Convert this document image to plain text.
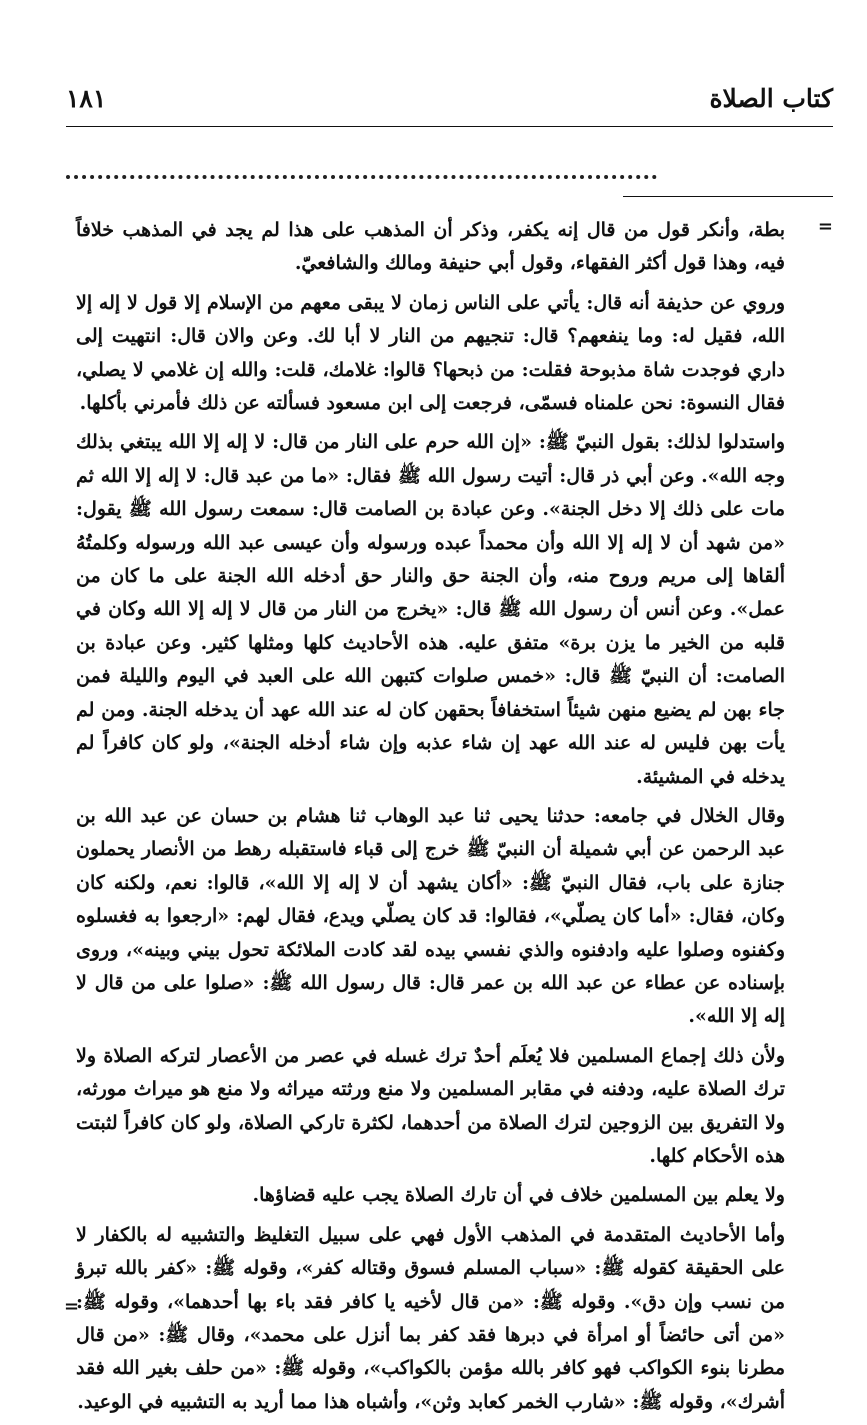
كتاب الصلاة
١٨١
=

بطة، وأنكر قول من قال إنه يكفر، وذكر أن المذهب على هذا لم يجد في المذهب خلافاً فيه، وهذا قول أكثر الفقهاء، وقول أبي حنيفة ومالك والشافعيّ.

وروي عن حذيفة أنه قال: يأتي على الناس زمان لا يبقى معهم من الإسلام إلا قول لا إله إلا الله، فقيل له: وما ينفعهم؟ قال: تنجيهم من النار لا أبا لك. وعن والان قال: انتهيت إلى داري فوجدت شاة مذبوحة فقلت: من ذبحها؟ قالوا: غلامك، قلت: والله إن غلامي لا يصلي، فقال النسوة: نحن علمناه فسمّى، فرجعت إلى ابن مسعود فسألته عن ذلك فأمرني بأكلها.

واستدلوا لذلك: بقول النبيّ ﷺ: «إن الله حرم على النار من قال: لا إله إلا الله يبتغي بذلك وجه الله». وعن أبي ذر قال: أتيت رسول الله ﷺ فقال: «ما من عبد قال: لا إله إلا الله ثم مات على ذلك إلا دخل الجنة». وعن عبادة بن الصامت قال: سمعت رسول الله ﷺ يقول: «من شهد أن لا إله إلا الله وأن محمداً عبده ورسوله وأن عيسى عبد الله ورسوله وكلمتُهُ ألقاها إلى مريم وروح منه، وأن الجنة حق والنار حق أدخله الله الجنة على ما كان من عمل». وعن أنس أن رسول الله ﷺ قال: «يخرج من النار من قال لا إله إلا الله وكان في قلبه من الخير ما يزن برة» متفق عليه. هذه الأحاديث كلها ومثلها كثير. وعن عبادة بن الصامت: أن النبيّ ﷺ قال: «خمس صلوات كتبهن الله على العبد في اليوم والليلة فمن جاء بهن لم يضيع منهن شيئاً استخفافاً بحقهن كان له عند الله عهد أن يدخله الجنة. ومن لم يأت بهن فليس له عند الله عهد إن شاء عذبه وإن شاء أدخله الجنة»، ولو كان كافراً لم يدخله في المشيئة.

وقال الخلال في جامعه: حدثنا يحيى ثنا عبد الوهاب ثنا هشام بن حسان عن عبد الله بن عبد الرحمن عن أبي شميلة أن النبيّ ﷺ خرج إلى قباء فاستقبله رهط من الأنصار يحملون جنازة على باب، فقال النبيّ ﷺ: «أكان يشهد أن لا إله إلا الله»، قالوا: نعم، ولكنه كان وكان، فقال: «أما كان يصلّي»، فقالوا: قد كان يصلّي ويدع، فقال لهم: «ارجعوا به فغسلوه وكفنوه وصلوا عليه وادفنوه والذي نفسي بيده لقد كادت الملائكة تحول بيني وبينه»، وروى بإسناده عن عطاء عن عبد الله بن عمر قال: قال رسول الله ﷺ: «صلوا على من قال لا إله إلا الله».

ولأن ذلك إجماع المسلمين فلا يُعلَم أحدٌ ترك غسله في عصر من الأعصار لتركه الصلاة ولا ترك الصلاة عليه، ودفنه في مقابر المسلمين ولا منع ورثته ميراثه ولا منع هو ميراث مورثه، ولا التفريق بين الزوجين لترك الصلاة من أحدهما، لكثرة تاركي الصلاة، ولو كان كافراً لثبتت هذه الأحكام كلها.

ولا يعلم بين المسلمين خلاف في أن تارك الصلاة يجب عليه قضاؤها.

وأما الأحاديث المتقدمة في المذهب الأول فهي على سبيل التغليظ والتشبيه له بالكفار لا على الحقيقة كقوله ﷺ: «سباب المسلم فسوق وقتاله كفر»، وقوله ﷺ: «كفر بالله تبرؤ من نسب وإن دق». وقوله ﷺ: «من قال لأخيه يا كافر فقد باء بها أحدهما»، وقوله ﷺ: «من أتى حائضاً أو امرأة في دبرها فقد كفر بما أنزل على محمد»، وقال ﷺ: «من قال مطرنا بنوء الكواكب فهو كافر بالله مؤمن بالكواكب»، وقوله ﷺ: «من حلف بغير الله فقد أشرك»، وقوله ﷺ: «شارب الخمر كعابد وثن»، وأشباه هذا مما أريد به التشبيه في الوعيد.

=
